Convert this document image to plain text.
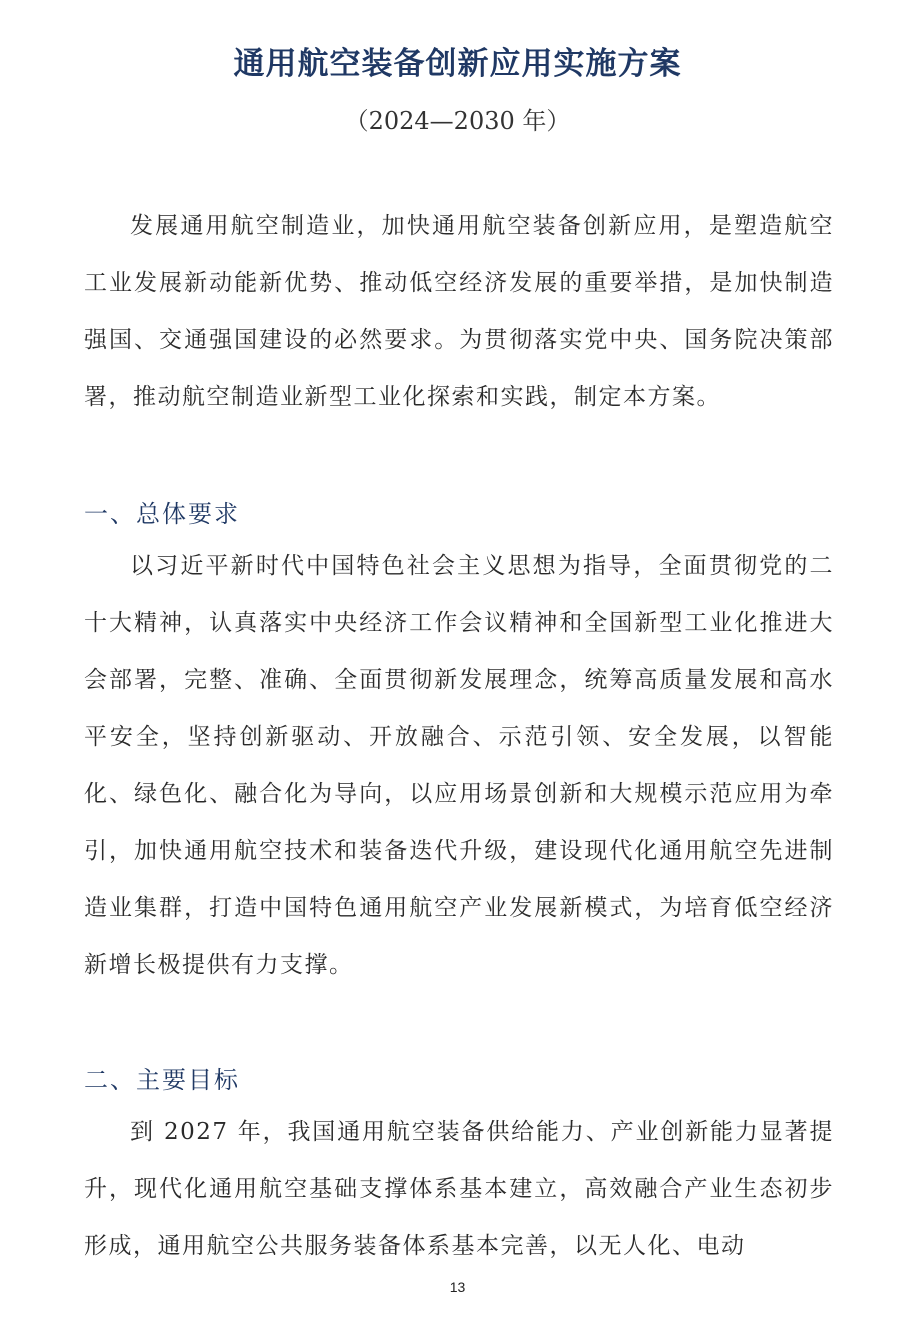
通用航空装备创新应用实施方案
（2024—2030 年）

发展通用航空制造业，加快通用航空装备创新应用，是塑造航空工业发展新动能新优势、推动低空经济发展的重要举措，是加快制造强国、交通强国建设的必然要求。为贯彻落实党中央、国务院决策部署，推动航空制造业新型工业化探索和实践，制定本方案。

一、总体要求

以习近平新时代中国特色社会主义思想为指导，全面贯彻党的二十大精神，认真落实中央经济工作会议精神和全国新型工业化推进大会部署，完整、准确、全面贯彻新发展理念，统筹高质量发展和高水平安全，坚持创新驱动、开放融合、示范引领、安全发展，以智能化、绿色化、融合化为导向，以应用场景创新和大规模示范应用为牵引，加快通用航空技术和装备迭代升级，建设现代化通用航空先进制造业集群，打造中国特色通用航空产业发展新模式，为培育低空经济新增长极提供有力支撑。

二、主要目标

到 2027 年，我国通用航空装备供给能力、产业创新能力显著提升，现代化通用航空基础支撑体系基本建立，高效融合产业生态初步形成，通用航空公共服务装备体系基本完善，以无人化、电动

13
